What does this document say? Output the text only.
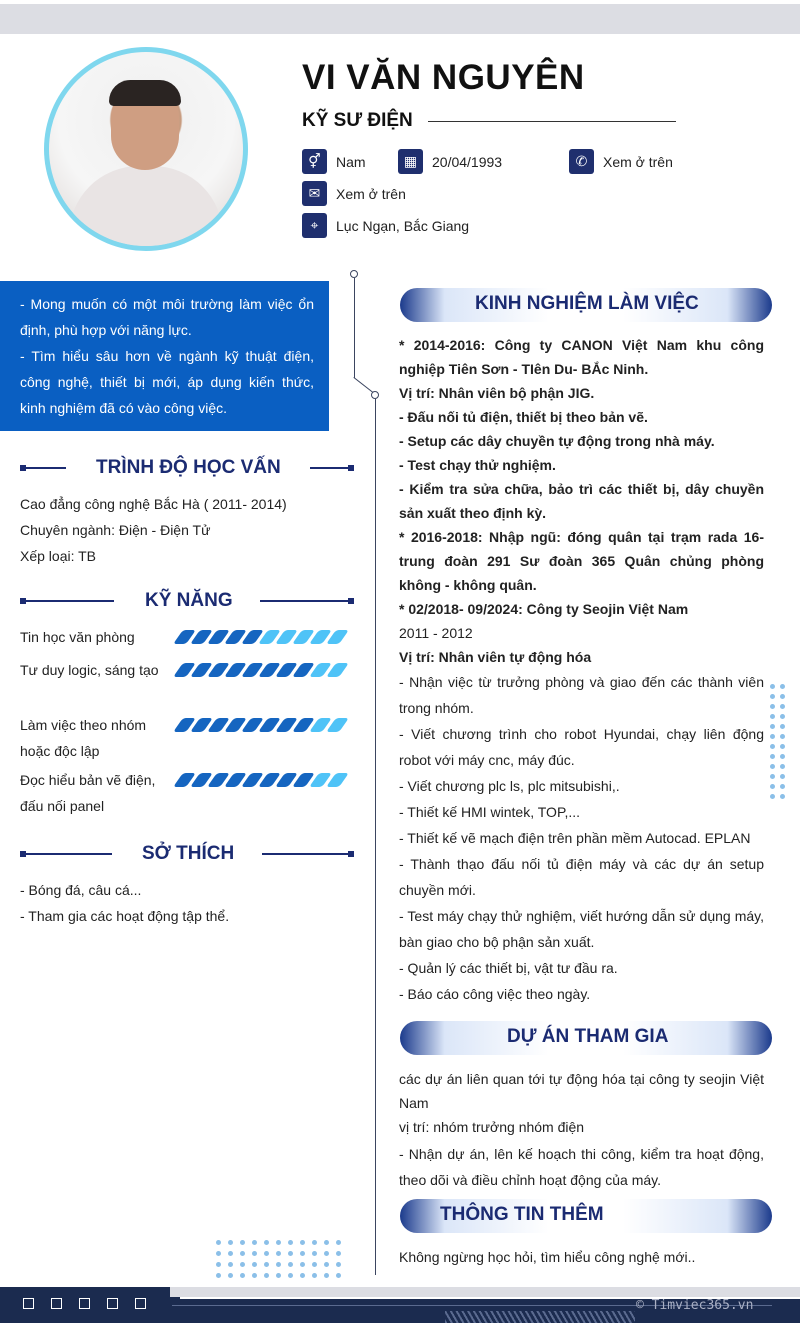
VI VĂN NGUYÊN
KỸ SƯ ĐIỆN
⚥	Nam	▦	20/04/1993	✆	Xem ở trên
✉	Xem ở trên
⌖	Lục Ngạn, Bắc Giang
- Mong muốn có một môi trường làm việc ổn định, phù hợp với năng lực.
- Tìm hiểu sâu hơn về ngành kỹ thuật điện, công nghệ, thiết bị mới, áp dụng kiến thức, kinh nghiệm đã có vào công việc.
TRÌNH ĐỘ HỌC VẤN
Cao đẳng công nghệ Bắc Hà ( 2011- 2014)
Chuyên ngành: Điện - Điện Tử
Xếp loại: TB
KỸ NĂNG
Tin học văn phòng
Tư duy logic, sáng tạo
Làm việc theo nhóm hoặc độc lập
Đọc hiểu bản vẽ điện, đấu nối panel
SỞ THÍCH
- Bóng đá, câu cá...
- Tham gia các hoạt động tập thể.
KINH NGHIỆM LÀM VIỆC
* 2014-2016: Công ty CANON Việt Nam khu công nghiệp Tiên Sơn - TIên Du- BẮc Ninh.
Vị trí: Nhân viên bộ phận JIG.
- Đấu nối tủ điện, thiết bị theo bản vẽ.
- Setup các dây chuyền tự động trong nhà máy.
- Test chạy thử nghiệm.
- Kiểm tra sửa chữa, bảo trì các thiết bị, dây chuyền sản xuất theo định kỳ.
* 2016-2018: Nhập ngũ: đóng quân tại trạm rada 16- trung đoàn 291 Sư đoàn 365 Quân chủng phòng không - không quân.
* 02/2018- 09/2024: Công ty Seojin Việt Nam
2011 - 2012
Vị trí: Nhân viên tự động hóa
- Nhận việc từ trưởng phòng và giao đến các thành viên trong nhóm.
- Viết chương trình cho robot Hyundai, chạy liên động robot với máy cnc, máy đúc.
- Viết chương plc ls, plc mitsubishi,.
- Thiết kế HMI wintek, TOP,...
- Thiết kế vẽ mạch điện trên phần mềm Autocad. EPLAN
- Thành thạo đấu nối tủ điện máy và các dự án setup chuyền mới.
- Test máy chạy thử nghiệm, viết hướng dẫn sử dụng máy, bàn giao cho bộ phận sản xuất.
- Quản lý các thiết bị, vật tư đầu ra.
- Báo cáo công việc theo ngày.
DỰ ÁN THAM GIA
các dự án liên quan tới tự động hóa tại công ty seojin Việt Nam
vị trí: nhóm trưởng nhóm điện
- Nhận dự án, lên kế hoạch thi công, kiểm tra hoạt động, theo dõi và điều chỉnh hoạt động của máy.
THÔNG TIN THÊM
Không ngừng học hỏi, tìm hiểu công nghệ mới..
© Timviec365.vn
